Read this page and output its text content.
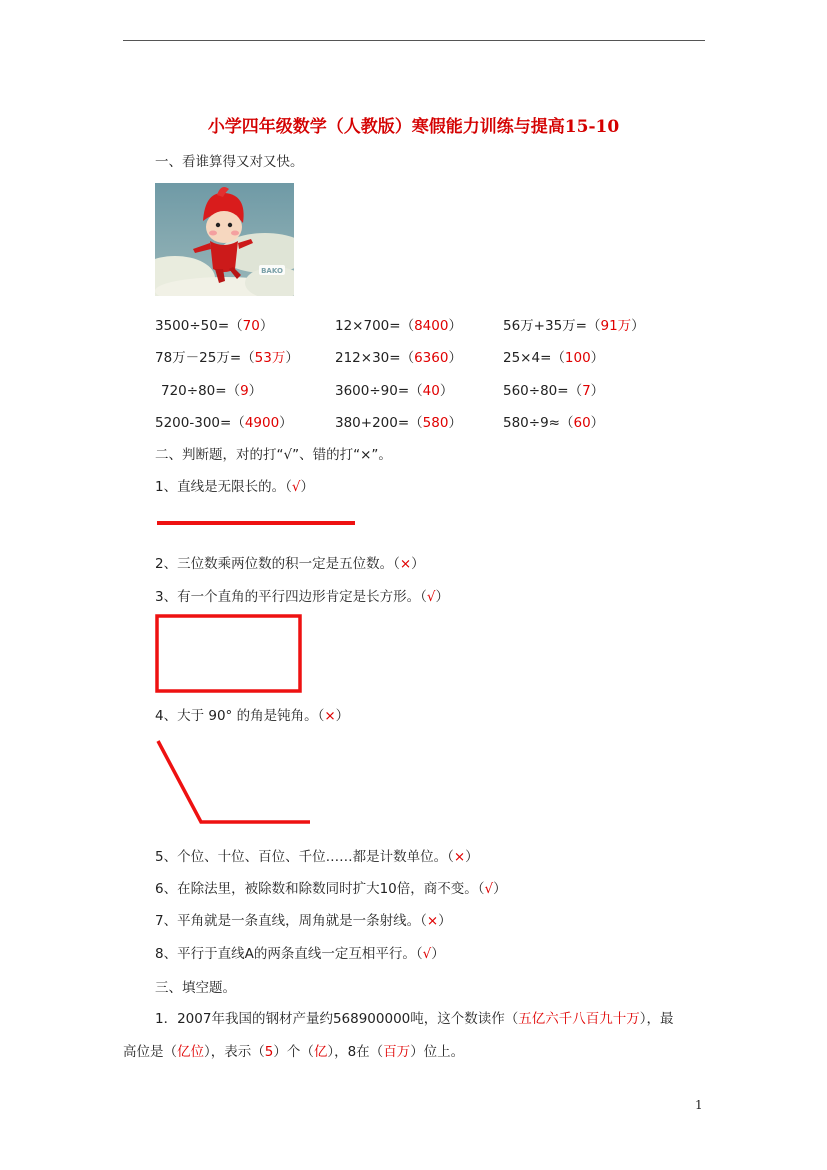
小学四年级数学（人教版）寒假能力训练与提高15-10
一、看谁算得又对又快。
BAKO
3500÷50=（70）	12×700=（8400）	56万+35万=（91万）
78万－25万=（53万）	212×30=（6360）	25×4=（100）
720÷80=（9）	3600÷90=（40）	560÷80=（7）
5200-300=（4900）	380+200=（580）	580÷9≈（60）
二、判断题，对的打“√”、错的打“×”。
1、直线是无限长的。（√）
2、三位数乘两位数的积一定是五位数。（×）
3、有一个直角的平行四边形肯定是长方形。（√）
4、大于 90° 的角是钝角。（×）
5、个位、十位、百位、千位……都是计数单位。（×）
6、在除法里，被除数和除数同时扩大10倍，商不变。（√）
7、平角就是一条直线，周角就是一条射线。（×）
8、平行于直线A的两条直线一定互相平行。（√）
三、填空题。
1．2007年我国的钢材产量约568900000吨，这个数读作（五亿六千八百九十万），最
高位是（亿位），表示（5）个（亿），8在（百万）位上。
1
